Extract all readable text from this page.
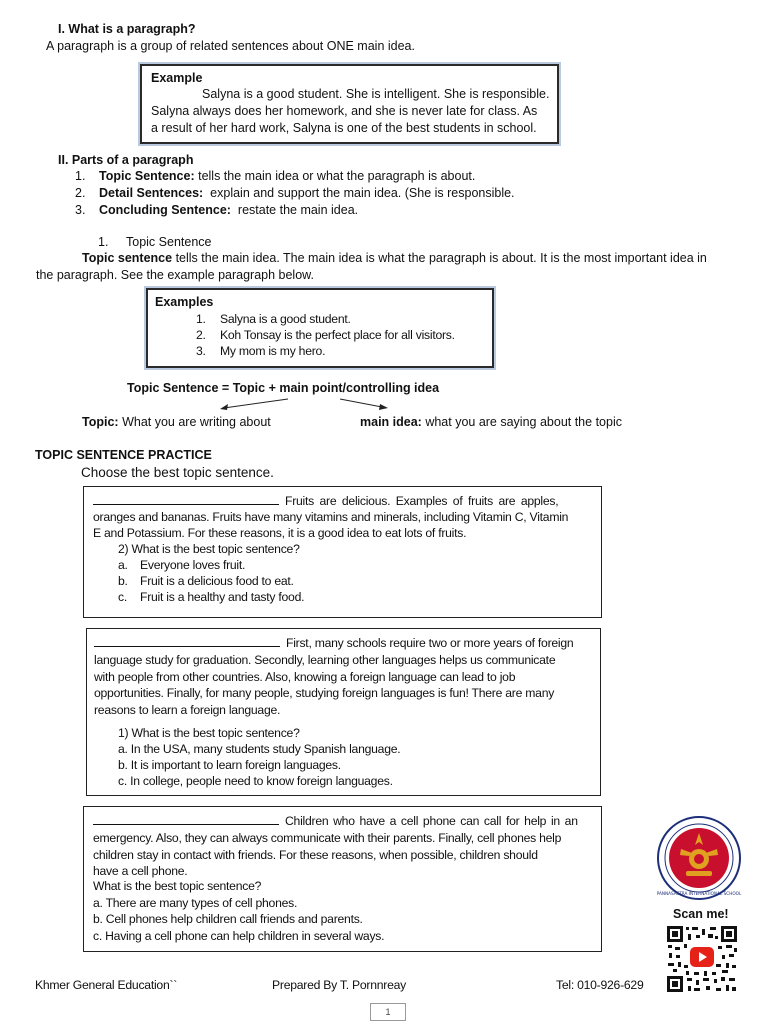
I. What is a paragraph?
A paragraph is a group of related sentences about ONE main idea.
Example
Salyna is a good student. She is intelligent. She is responsible.
Salyna always does her homework, and she is never late for class. As
a result of her hard work, Salyna is one of the best students in school.
II. Parts of a paragraph
1. Topic Sentence: tells the main idea or what the paragraph is about.
2. Detail Sentences: explain and support the main idea. (She is responsible.
3. Concluding Sentence: restate the main idea.
1. Topic Sentence
Topic sentence tells the main idea. The main idea is what the paragraph is about. It is the most important idea in
the paragraph. See the example paragraph below.
Examples
1. Salyna is a good student.
2. Koh Tonsay is the perfect place for all visitors.
3. My mom is my hero.
Topic Sentence = Topic + main point/controlling idea
Topic: What you are writing about	main idea: what you are saying about the topic
TOPIC SENTENCE PRACTICE
Choose the best topic sentence.
Fruits are delicious. Examples of fruits are apples,
oranges and bananas. Fruits have many vitamins and minerals, including Vitamin C, Vitamin
E and Potassium. For these reasons, it is a good idea to eat lots of fruits.
2) What is the best topic sentence?
a. Everyone loves fruit.
b. Fruit is a delicious food to eat.
c. Fruit is a healthy and tasty food.
First, many schools require two or more years of foreign
language study for graduation. Secondly, learning other languages helps us communicate
with people from other countries. Also, knowing a foreign language can lead to job
opportunities. Finally, for many people, studying foreign languages is fun! There are many
reasons to learn a foreign language.
1) What is the best topic sentence?
a. In the USA, many students study Spanish language.
b. It is important to learn foreign languages.
c. In college, people need to know foreign languages.
Children who have a cell phone can call for help in an
emergency. Also, they can always communicate with their parents. Finally, cell phones help
children stay in contact with friends. For these reasons, when possible, children should
have a cell phone.
What is the best topic sentence?
a. There are many types of cell phones.
b. Cell phones help children call friends and parents.
c. Having a cell phone can help children in several ways.
PANNASASTRA INTERNATIONAL SCHOOL
Scan me!
Khmer General Education``	Prepared By T. Pornnreay	Tel: 010-926-629
1
